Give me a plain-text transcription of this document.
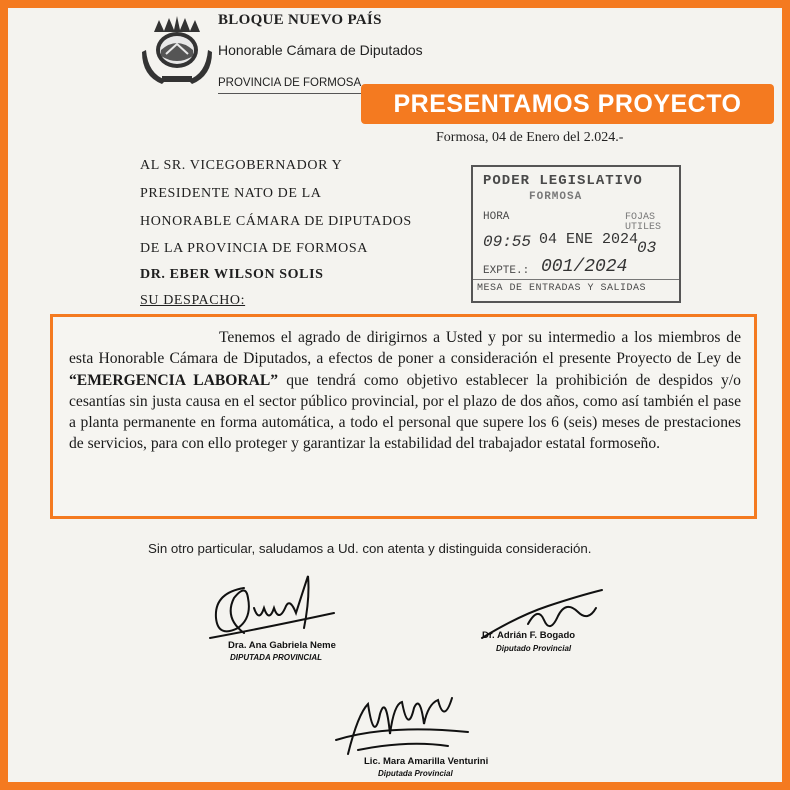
BLOQUE NUEVO PAÍS
Honorable Cámara de Diputados
PROVINCIA DE FORMOSA
PRESENTAMOS PROYECTO
Formosa, 04 de Enero del 2.024.-
AL SR. VICEGOBERNADOR Y
PRESIDENTE NATO DE LA
HONORABLE CÁMARA DE DIPUTADOS
DE LA PROVINCIA DE FORMOSA
DR. EBER WILSON SOLIS
SU DESPACHO:
PODER LEGISLATIVO
FORMOSA
HORA	FOJAS
UTILES
09:55 04 ENE 2024
03
EXPTE.: 001/2024
MESA DE ENTRADAS Y SALIDAS
Tenemos el agrado de dirigirnos a Usted y por su intermedio a los miembros de esta Honorable Cámara de Diputados, a efectos de poner a consideración el presente Proyecto de Ley de “EMERGENCIA LABORAL” que tendrá como objetivo establecer la prohibición de despidos y/o cesantías sin justa causa en el sector público provincial, por el plazo de dos años, como así también el pase a planta permanente en forma automática, a todo el personal que supere los 6 (seis) meses de prestaciones de servicios, para con ello proteger y garantizar la estabilidad del trabajador estatal formoseño.
Sin otro particular, saludamos a Ud. con atenta y distinguida consideración.
Dra. Ana Gabriela Neme
DIPUTADA PROVINCIAL
Dr. Adrián F. Bogado
Diputado Provincial
Lic. Mara Amarilla Venturini
Diputada Provincial
